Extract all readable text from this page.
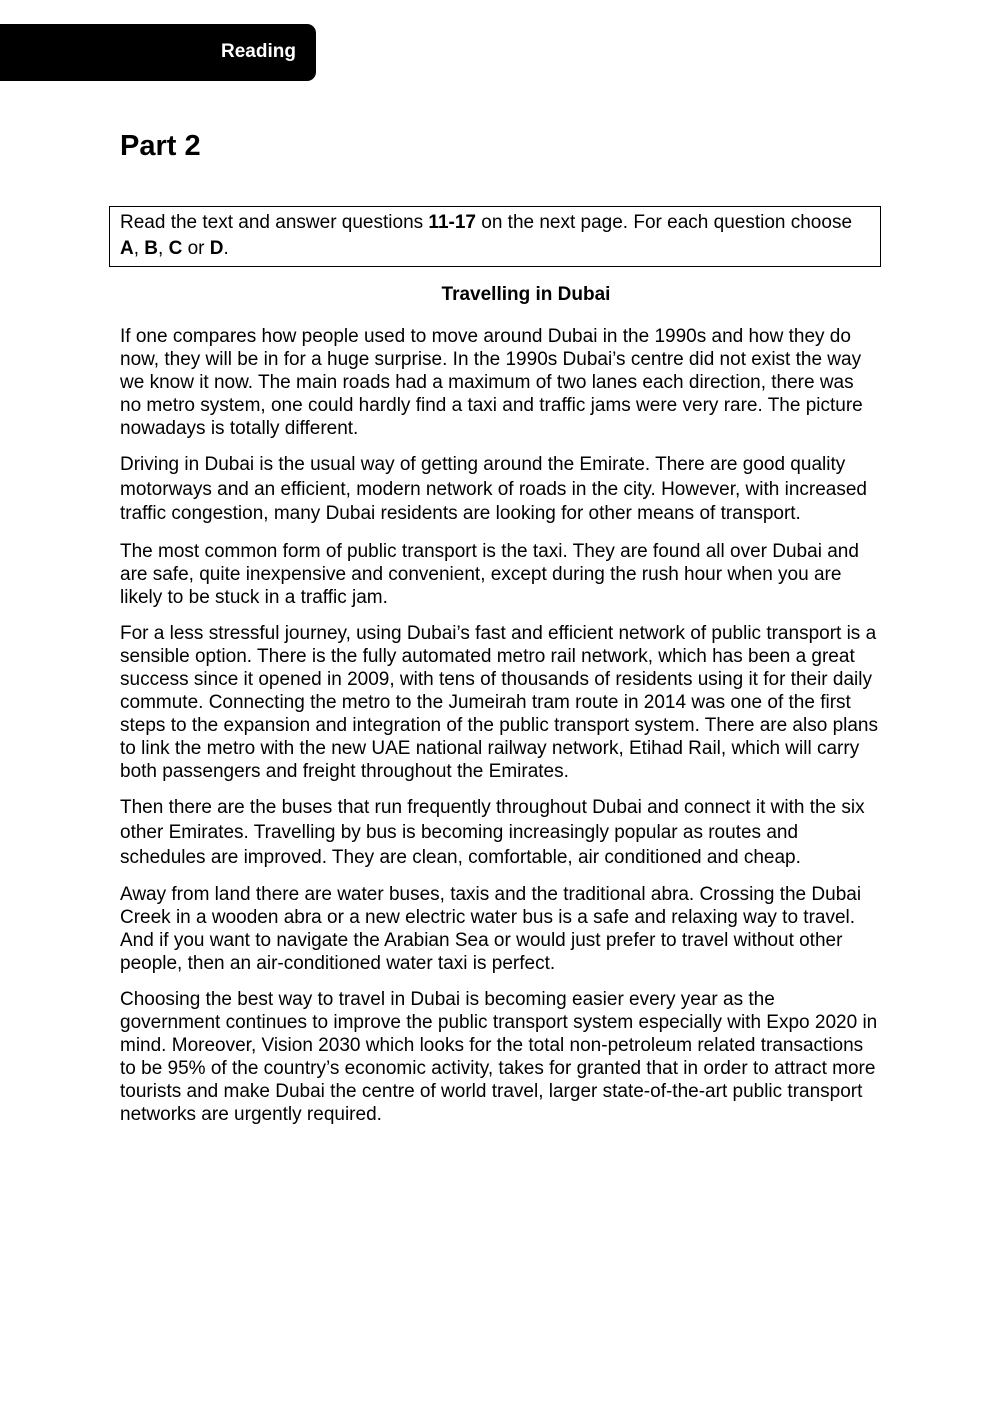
Reading
Part 2
Read the text and answer questions 11-17 on the next page. For each question choose A, B, C or D.
Travelling in Dubai

If one compares how people used to move around Dubai in the 1990s and how they do now, they will be in for a huge surprise. In the 1990s Dubai’s centre did not exist the way we know it now. The main roads had a maximum of two lanes each direction, there was no metro system, one could hardly find a taxi and traffic jams were very rare. The picture nowadays is totally different.

Driving in Dubai is the usual way of getting around the Emirate. There are good quality motorways and an efficient, modern network of roads in the city. However, with increased traffic congestion, many Dubai residents are looking for other means of transport.

The most common form of public transport is the taxi. They are found all over Dubai and are safe, quite inexpensive and convenient, except during the rush hour when you are likely to be stuck in a traffic jam.

For a less stressful journey, using Dubai’s fast and efficient network of public transport is a sensible option. There is the fully automated metro rail network, which has been a great success since it opened in 2009, with tens of thousands of residents using it for their daily commute. Connecting the metro to the Jumeirah tram route in 2014 was one of the first steps to the expansion and integration of the public transport system. There are also plans to link the metro with the new UAE national railway network, Etihad Rail, which will carry both passengers and freight throughout the Emirates.

Then there are the buses that run frequently throughout Dubai and connect it with the six other Emirates. Travelling by bus is becoming increasingly popular as routes and schedules are improved. They are clean, comfortable, air conditioned and cheap.

Away from land there are water buses, taxis and the traditional abra. Crossing the Dubai Creek in a wooden abra or a new electric water bus is a safe and relaxing way to travel. And if you want to navigate the Arabian Sea or would just prefer to travel without other people, then an air-conditioned water taxi is perfect.

Choosing the best way to travel in Dubai is becoming easier every year as the government continues to improve the public transport system especially with Expo 2020 in mind. Moreover, Vision 2030 which looks for the total non-petroleum related transactions to be 95% of the country’s economic activity, takes for granted that in order to attract more tourists and make Dubai the centre of world travel, larger state-of-the-art public transport networks are urgently required.
